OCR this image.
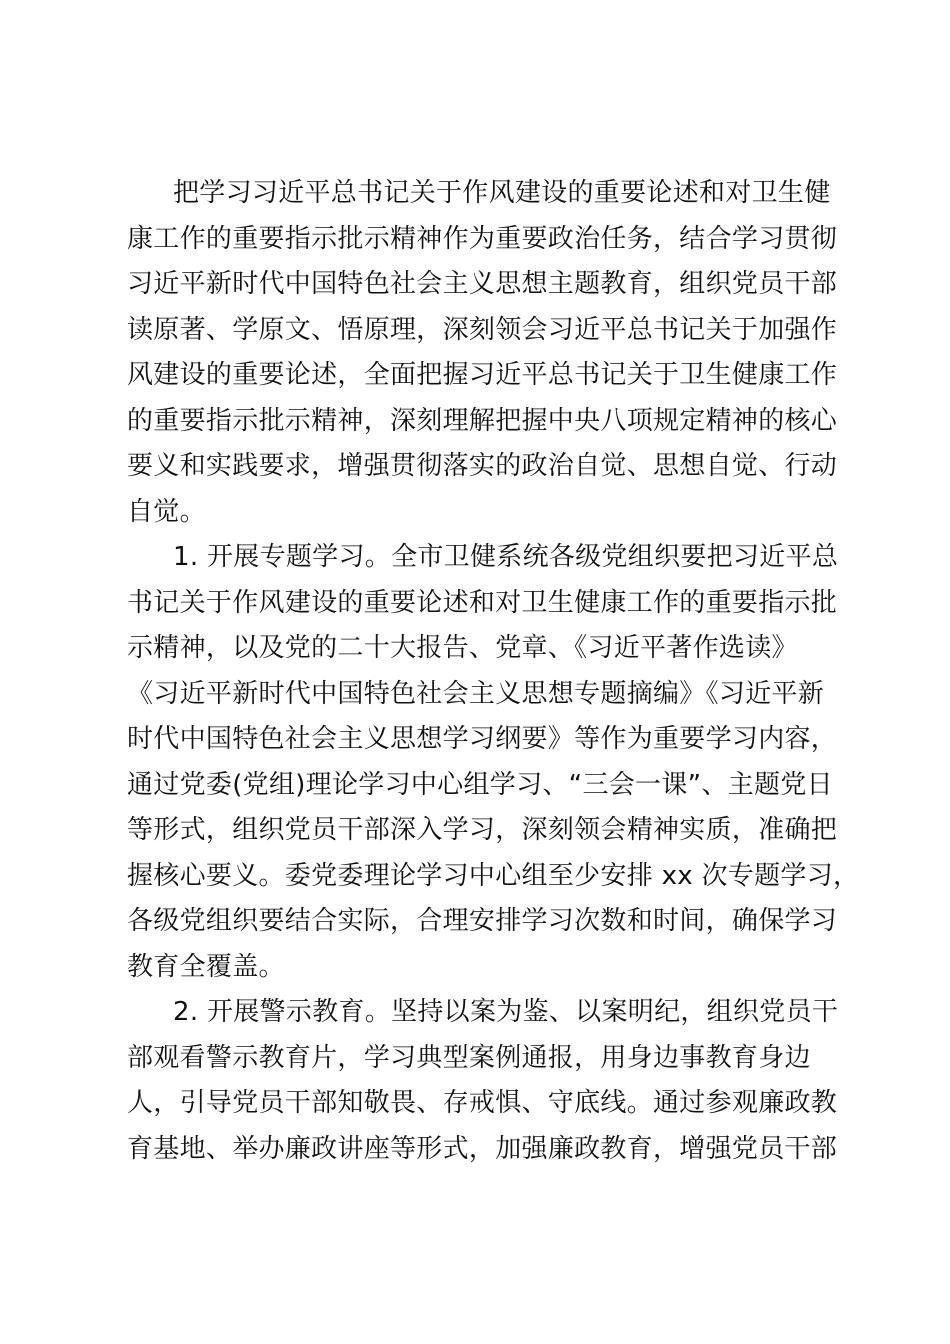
把学习习近平总书记关于作风建设的重要论述和对卫生健
康工作的重要指示批示精神作为重要政治任务，结合学习贯彻
习近平新时代中国特色社会主义思想主题教育，组织党员干部
读原著、学原文、悟原理，深刻领会习近平总书记关于加强作
风建设的重要论述，全面把握习近平总书记关于卫生健康工作
的重要指示批示精神，深刻理解把握中央八项规定精神的核心
要义和实践要求，增强贯彻落实的政治自觉、思想自觉、行动
自觉。

1. 开展专题学习。全市卫健系统各级党组织要把习近平总
书记关于作风建设的重要论述和对卫生健康工作的重要指示批
示精神，以及党的二十大报告、党章、《习近平著作选读》
《习近平新时代中国特色社会主义思想专题摘编》《习近平新
时代中国特色社会主义思想学习纲要》等作为重要学习内容，
通过党委(党组)理论学习中心组学习、“三会一课”、主题党日
等形式，组织党员干部深入学习，深刻领会精神实质，准确把
握核心要义。委党委理论学习中心组至少安排 xx 次专题学习，
各级党组织要结合实际，合理安排学习次数和时间，确保学习
教育全覆盖。

2. 开展警示教育。坚持以案为鉴、以案明纪，组织党员干
部观看警示教育片，学习典型案例通报，用身边事教育身边
人，引导党员干部知敬畏、存戒惧、守底线。通过参观廉政教
育基地、举办廉政讲座等形式，加强廉政教育，增强党员干部
